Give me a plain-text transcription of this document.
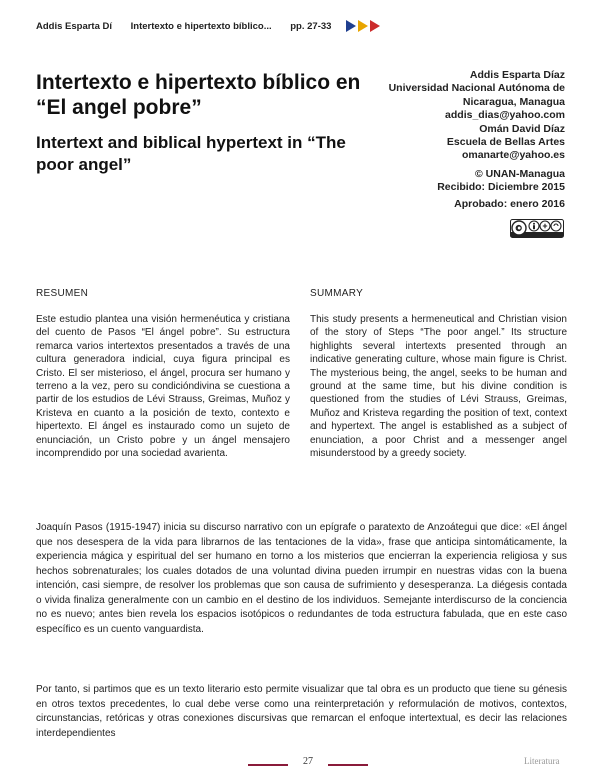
Addis Esparta Dí Intertexto e hipertexto bíblico... pp. 27-33
Intertexto e hipertexto bíblico en “El angel pobre”
Intertext and biblical hypertext in “The poor angel”
Addis Esparta Díaz
Universidad Nacional Autónoma de
Nicaragua, Managua
addis_dias@yahoo.com
Omán David Díaz
Escuela de Bellas Artes
omanarte@yahoo.es
© UNAN-Managua
Recibido: Diciembre 2015
Aprobado: enero 2016
RESUMEN	SUMMARY
Este estudio plantea una visión hermenéutica y cristiana del cuento de Pasos “El ángel pobre”. Su estructura remarca varios intertextos presentados a través de una cultura generadora indicial, cuya figura principal es Cristo. El ser misterioso, el ángel, procura ser humano y terreno a la vez, pero su condicióndivina se cuestiona a partir de los estudios de Lévi Strauss, Greimas, Muñoz y Kristeva en cuanto a la posición de texto, contexto e hipertexto. El ángel es instaurado como un sujeto de enunciación, un Cristo pobre y un ángel mensajero incomprendido por una sociedad avarienta.
This study presents a hermeneutical and Christian vision of the story of Steps “The poor angel.” Its structure highlights several intertexts presented through an indicative generating culture, whose main figure is Christ. The mysterious being, the angel, seeks to be human and ground at the same time, but his divine condition is questioned from the studies of Lévi Strauss, Greimas, Muñoz and Kristeva regarding the position of text, context and hypertext. The angel is established as a subject of enunciation, a poor Christ and a messenger angel misunderstood by a greedy society.
Joaquín Pasos (1915-1947) inicia su discurso narrativo con un epígrafe o paratexto de Anzoátegui que dice: «El ángel que nos desespera de la vida para librarnos de las tentaciones de la vida», frase que anticipa sintomáticamente, la experiencia mágica y espiritual del ser humano en torno a los misterios que encierran la experiencia religiosa y sus hechos sobrenaturales; los cuales dotados de una voluntad divina pueden irrumpir en nuestras vidas con la buena intención, casi siempre, de resolver los problemas que son causa de sufrimiento y desesperanza. La diégesis contada o vivida finaliza generalmente con un cambio en el destino de los individuos. Semejante interdiscurso de la conciencia no es nuevo; antes bien revela los espacios isotópicos o redundantes de toda estructura fabulada, que en este caso específico es un cuento vanguardista.
Por tanto, si partimos que es un texto literario esto permite visualizar que tal obra es un producto que tiene su génesis en otros textos precedentes, lo cual debe verse como una reinterpretación y reformulación de motivos, contextos, circunstancias, retóricas y otras conexiones discursivas que remarcan el enfoque intertextual, es decir las relaciones interdependientes
27	Literatura
